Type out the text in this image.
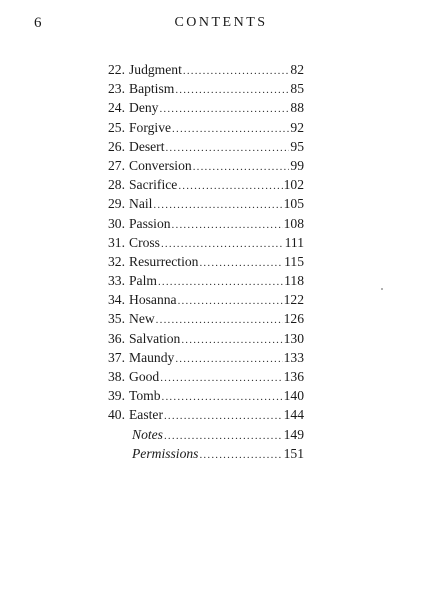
6	CONTENTS
22. Judgment .....	82
23. Baptism .....	85
24. Deny .....	88
25. Forgive .....	92
26. Desert .....	95
27. Conversion .....	99
28. Sacrifice .....	102
29. Nail .....	105
30. Passion .....	108
31. Cross .....	111
32. Resurrection .....	115
33. Palm .....	118
34. Hosanna .....	122
35. New .....	126
36. Salvation .....	130
37. Maundy .....	133
38. Good .....	136
39. Tomb .....	140
40. Easter .....	144
Notes .....	149
Permissions .....	151
